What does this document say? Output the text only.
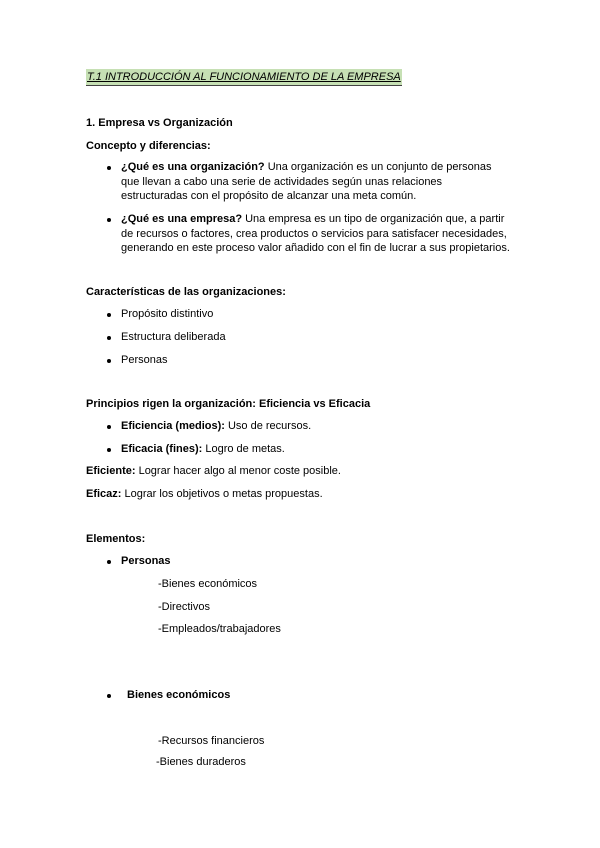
T.1 INTRODUCCIÓN AL FUNCIONAMIENTO DE LA EMPRESA
1. Empresa vs Organización
Concepto y diferencias:
¿Qué es una organización? Una organización es un conjunto de personas
que llevan a cabo una serie de actividades según unas relaciones
estructuradas con el propósito de alcanzar una meta común.
¿Qué es una empresa? Una empresa es un tipo de organización que, a partir
de recursos o factores, crea productos o servicios para satisfacer necesidades,
generando en este proceso valor añadido con el fin de lucrar a sus propietarios.
Características de las organizaciones:
Propósito distintivo
Estructura deliberada
Personas
Principios rigen la organización: Eficiencia vs Eficacia
Eficiencia (medios): Uso de recursos.
Eficacia (fines): Logro de metas.
Eficiente: Lograr hacer algo al menor coste posible.
Eficaz: Lograr los objetivos o metas propuestas.
Elementos:
Personas
-Bienes económicos
-Directivos
-Empleados/trabajadores
Bienes económicos
-Recursos financieros
-Bienes duraderos
